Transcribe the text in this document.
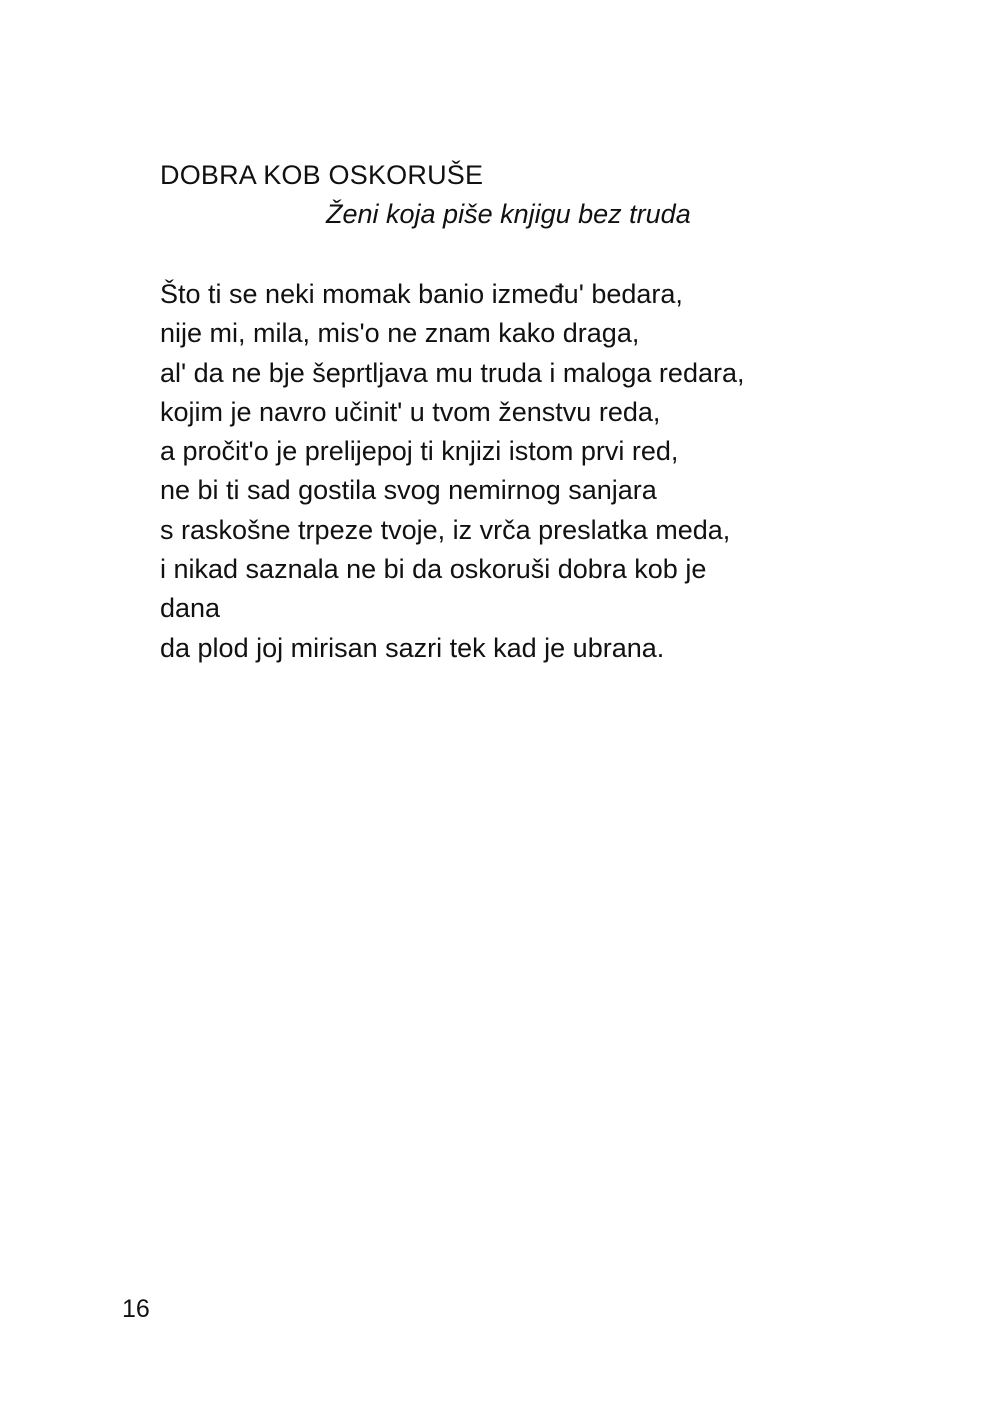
DOBRA KOB OSKORUŠE
Ženi koja piše knjigu bez truda
Što ti se neki momak banio između' bedara,
nije mi, mila, mis'o ne znam kako draga,
al' da ne bje šeprtljava mu truda i maloga redara,
kojim je navro učinit' u tvom ženstvu reda,
a pročit'o je prelijepoj ti knjizi istom prvi red,
ne bi ti sad gostila svog nemirnog sanjara
s raskošne trpeze tvoje, iz vrča preslatka meda,
i nikad saznala ne bi da oskoruši dobra kob je
dana
da plod joj mirisan sazri tek kad je ubrana.
16
